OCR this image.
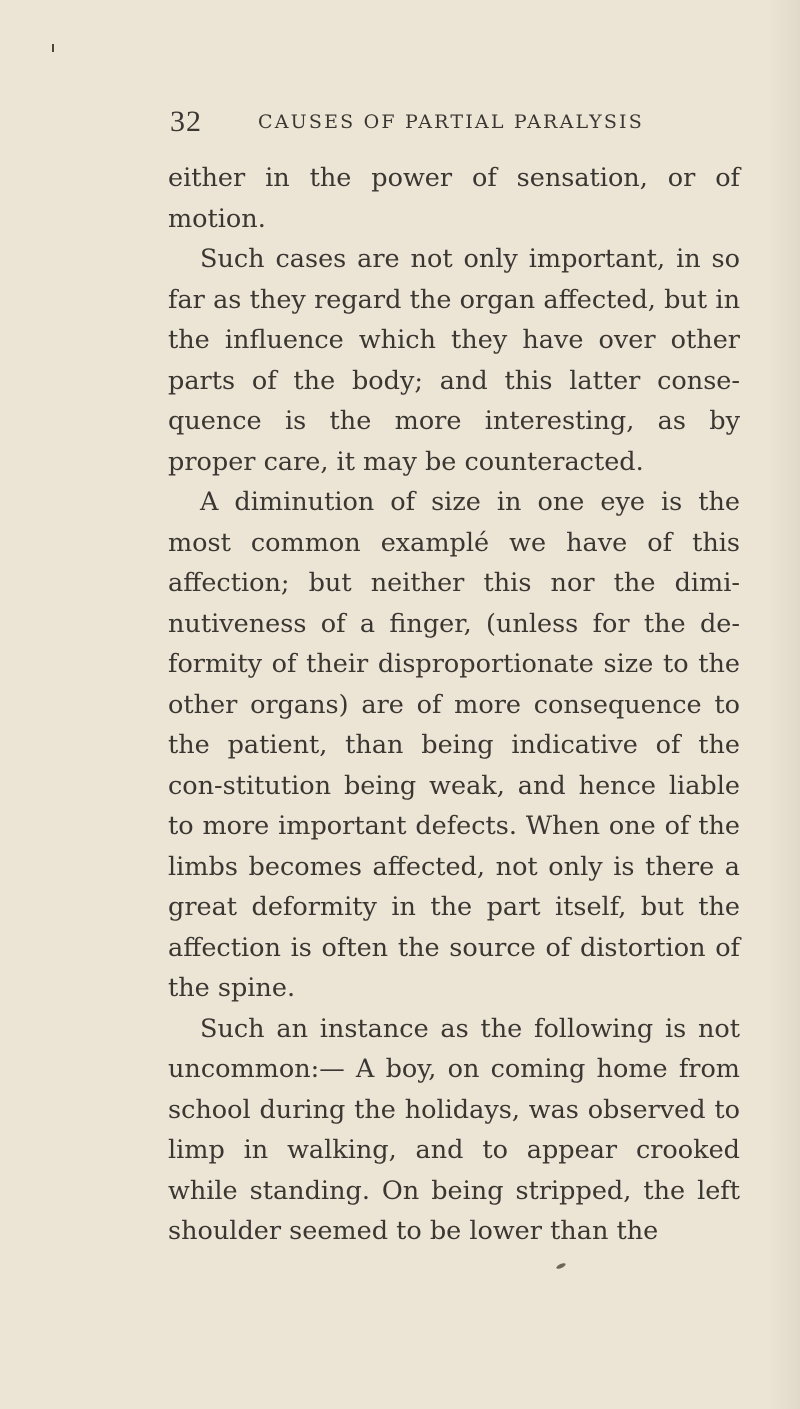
32	CAUSES OF PARTIAL PARALYSIS

either in the power of sensation, or of motion.

Such cases are not only important, in so far as they regard the organ affected, but in the influence which they have over other parts of the body; and this latter conse-quence is the more interesting, as by proper care, it may be counteracted.

A diminution of size in one eye is the most common examplé we have of this affection; but neither this nor the dimi-nutiveness of a finger, (unless for the de-formity of their disproportionate size to the other organs) are of more consequence to the patient, than being indicative of the con-stitution being weak, and hence liable to more important defects. When one of the limbs becomes affected, not only is there a great deformity in the part itself, but the affection is often the source of distortion of the spine.

Such an instance as the following is not uncommon:— A boy, on coming home from school during the holidays, was observed to limp in walking, and to appear crooked while standing. On being stripped, the left shoulder seemed to be lower than the
